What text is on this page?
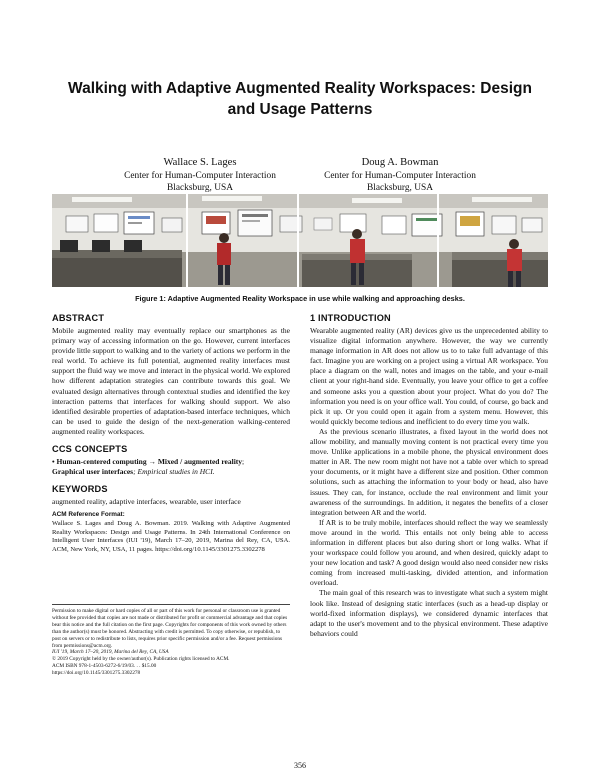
Walking with Adaptive Augmented Reality Workspaces: Design and Usage Patterns
Wallace S. Lages
Center for Human-Computer Interaction
Blacksburg, USA
Doug A. Bowman
Center for Human-Computer Interaction
Blacksburg, USA
Figure 1: Adaptive Augmented Reality Workspace in use while walking and approaching desks.
ABSTRACT

Mobile augmented reality may eventually replace our smartphones as the primary way of accessing information on the go. However, current interfaces provide little support to walking and to the variety of actions we perform in the real world. To achieve its full potential, augmented reality interfaces must support the fluid way we move and interact in the physical world. We explored how different adaptation strategies can contribute towards this goal. We evaluated design alternatives through contextual studies and identified the key interaction patterns that interfaces for walking should support. We also identified desirable properties of adaptation-based interface techniques, which can be used to guide the design of the next-generation walking-centered augmented reality workspaces.

CCS CONCEPTS
• Human-centered computing → Mixed / augmented reality;
Graphical user interfaces; Empirical studies in HCI.
KEYWORDS

augmented reality, adaptive interfaces, wearable, user interface

ACM Reference Format:

Wallace S. Lages and Doug A. Bowman. 2019. Walking with Adaptive Augmented Reality Workspaces: Design and Usage Patterns. In 24th International Conference on Intelligent User Interfaces (IUI '19), March 17–20, 2019, Marina del Rey, CA, USA. ACM, New York, NY, USA, 11 pages. https://doi.org/10.1145/3301275.3302278

Permission to make digital or hard copies of all or part of this work for personal or classroom use is granted without fee provided that copies are not made or distributed for profit or commercial advantage and that copies bear this notice and the full citation on the first page. Copyrights for components of this work owned by others than the author(s) must be honored. Abstracting with credit is permitted. To copy otherwise, or republish, to post on servers or to redistribute to lists, requires prior specific permission and/or a fee. Request permissions from permissions@acm.org.

IUI '19, March 17–20, 2019, Marina del Rey, CA, USA

© 2019 Copyright held by the owner/author(s). Publication rights licensed to ACM.

ACM ISBN 978-1-4503-6272-6/19/03. . . $15.00

https://doi.org/10.1145/3301275.3302278

1 INTRODUCTION

Wearable augmented reality (AR) devices give us the unprecedented ability to visualize digital information anywhere. However, the way we currently manage information in AR does not allow us to to take full advantage of this fact. Imagine you are working on a project using a virtual AR workspace. You place a diagram on the wall, notes and images on the table, and your e-mail client at your right-hand side. Eventually, you leave your office to get a coffee and someone asks you a question about your project. What do you do? The information you need is on your office wall. You could, of course, go back and pick it up. Or you could open it again from a system menu. However, this would quickly become tedious and inefficient to do every time you walk.

As the previous scenario illustrates, a fixed layout in the world does not allow mobility, and manually moving content is not practical every time you move. Unlike applications in a mobile phone, the physical environment does matter in AR. The new room might not have not a table over which to spread your documents, or it might have a different size and position. Other common solutions, such as attaching the information to your body or head, also have issues. They can, for instance, occlude the real environment and limit your awareness of the surroundings. In addition, it negates the benefits of a closer integration between AR and the world.

If AR is to be truly mobile, interfaces should reflect the way we seamlessly move around in the world. This entails not only being able to access information in different places but also during short or long walks. What if your workspace could follow you around, and when desired, quickly adapt to your new location and task? A good design would also need consider new risks coming from increased multi-tasking, divided attention, and information overload.

The main goal of this research was to investigate what such a system might look like. Instead of designing static interfaces (such as a head-up display or world-fixed information displays), we considered dynamic interfaces that adapt to the user's movement and to the physical environment. These adaptive behaviors could

356
